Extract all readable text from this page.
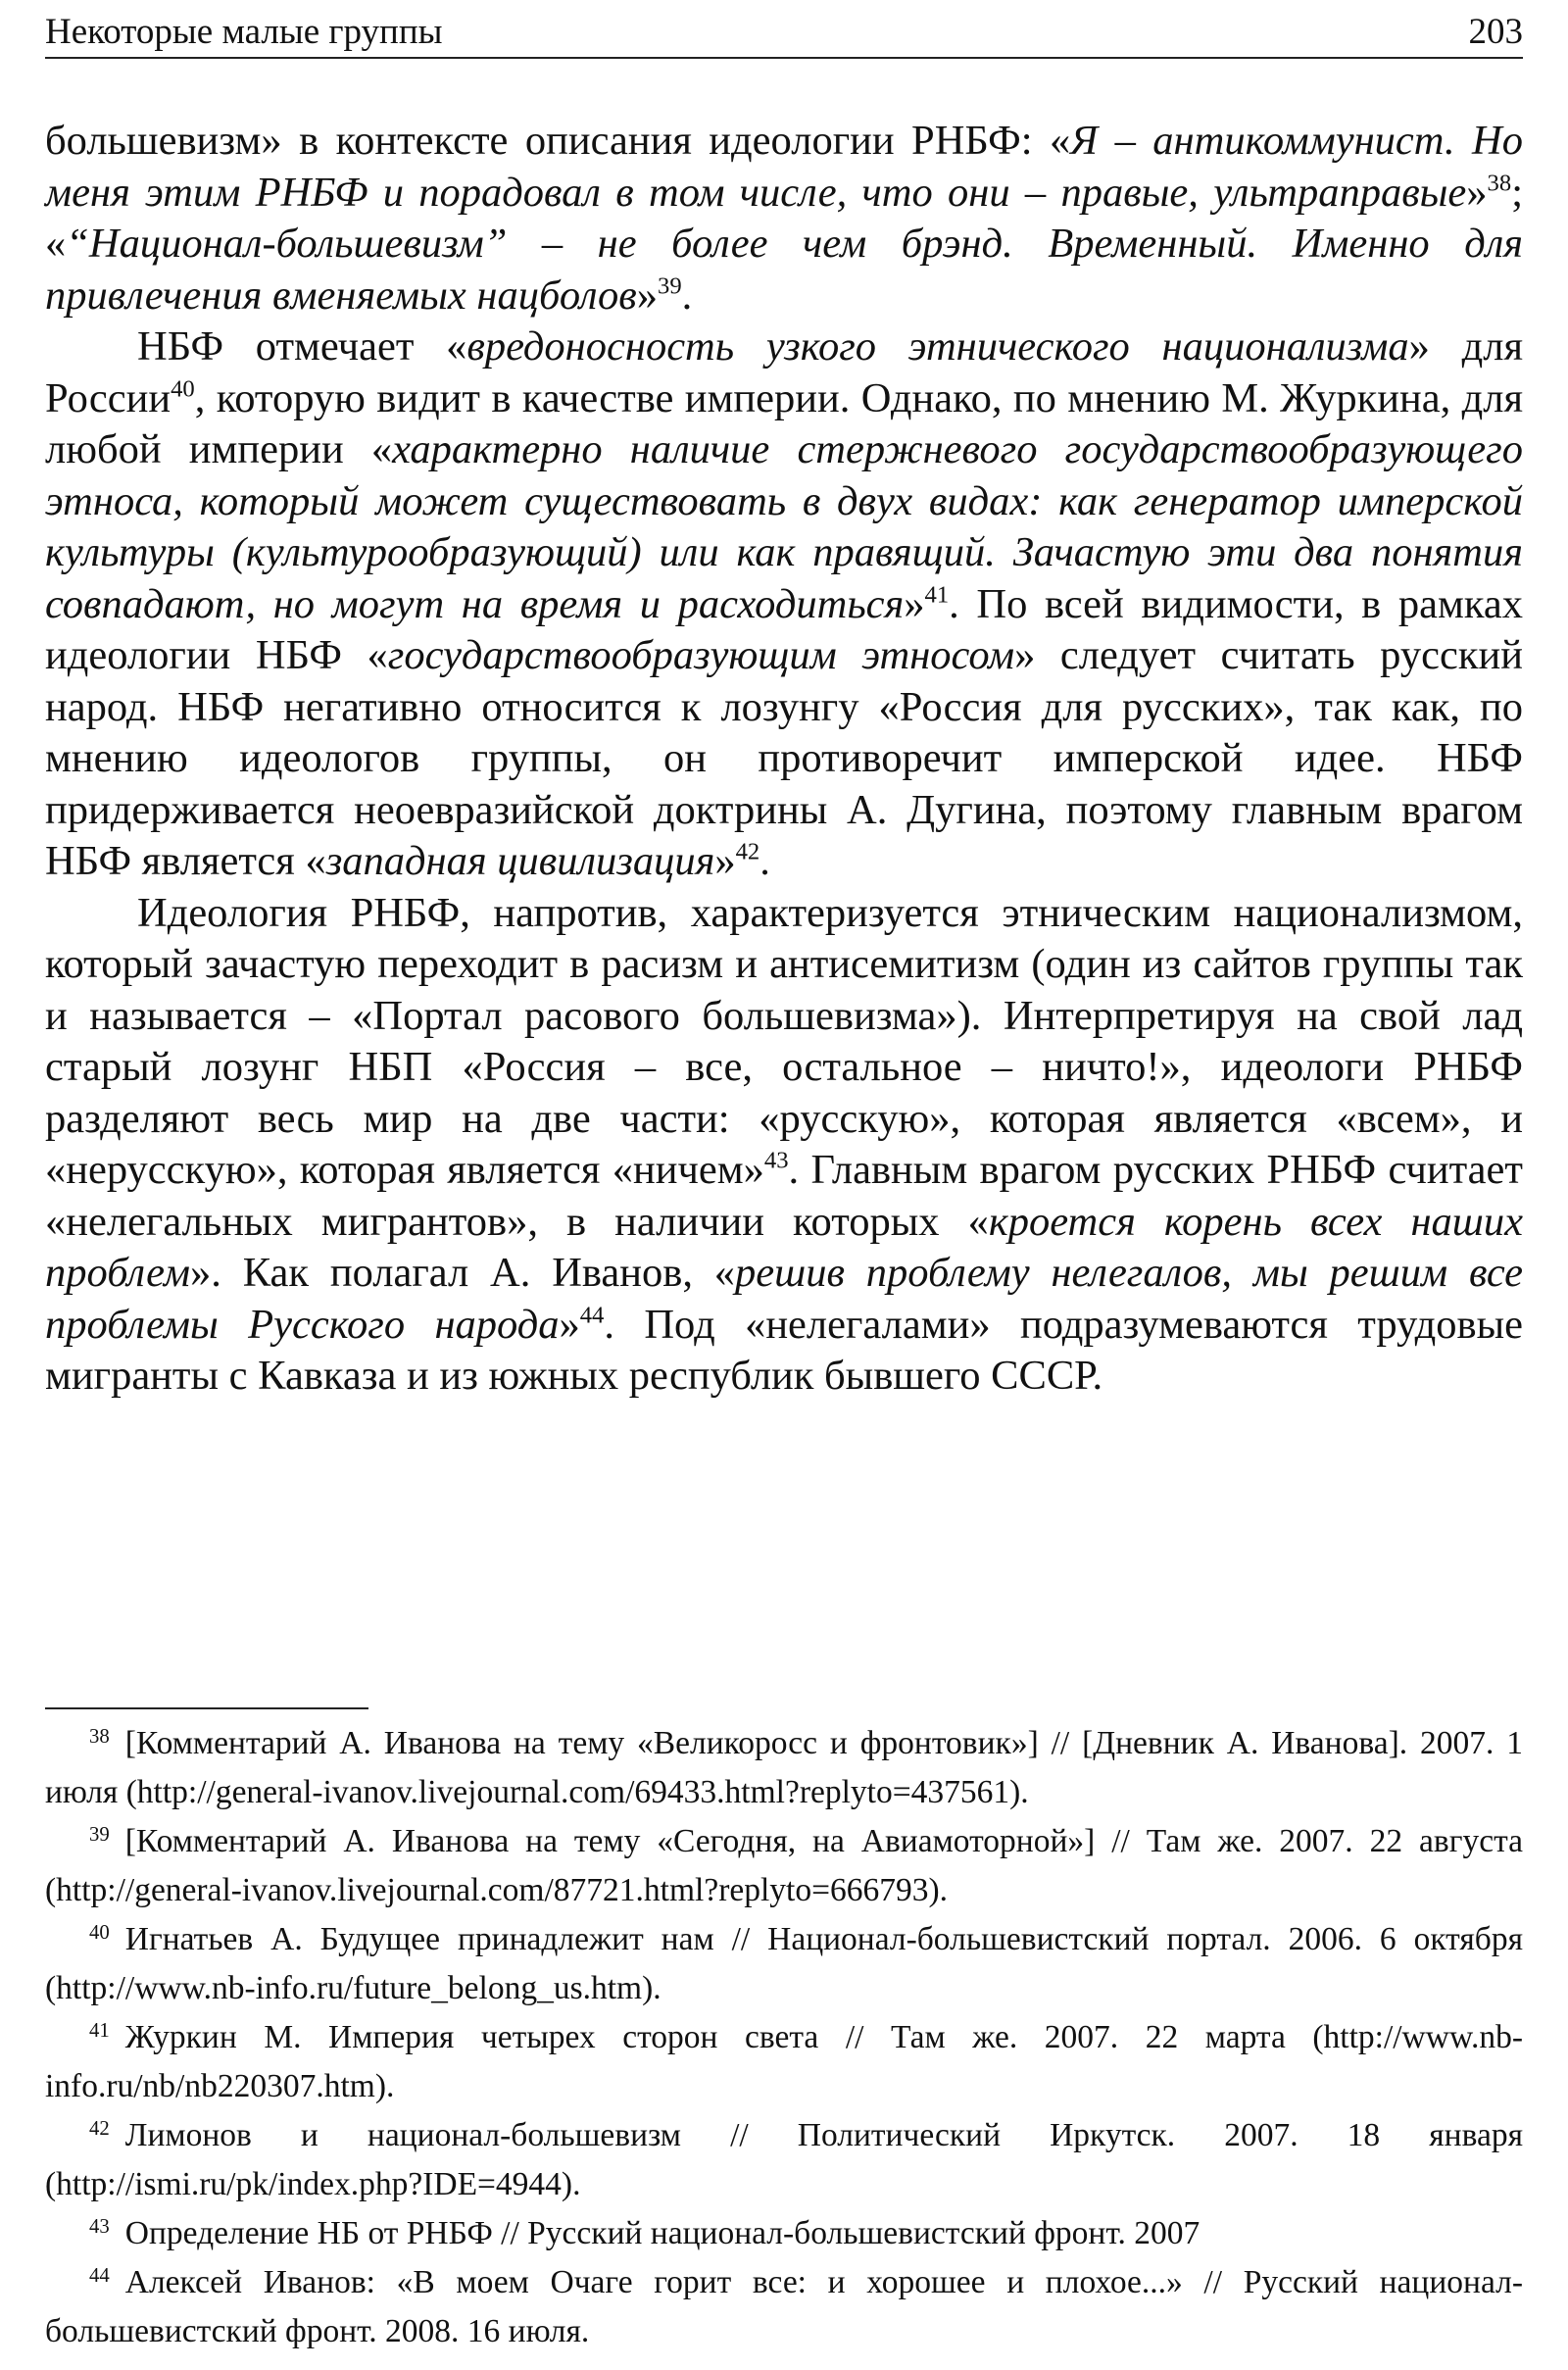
Некоторые малые группы	203

большевизм» в контексте описания идеологии РНБФ: «Я – антикоммунист. Но меня этим РНБФ и порадовал в том числе, что они – правые, ультраправые»$^{38}$; «“Национал-большевизм” – не более чем брэнд. Временный. Именно для привлечения вменяемых нацболов»$^{39}$.

НБФ отмечает «вредоносность узкого этнического национализма» для России$^{40}$, которую видит в качестве империи. Однако, по мнению М. Журкина, для любой империи «характерно наличие стержневого государствообразующего этноса, который может существовать в двух видах: как генератор имперской культуры (культурообразующий) или как правящий. Зачастую эти два понятия совпадают, но могут на время и расходиться»$^{41}$. По всей видимости, в рамках идеологии НБФ «государствообразующим этносом» следует считать русский народ. НБФ негативно относится к лозунгу «Россия для русских», так как, по мнению идеологов группы, он противоречит имперской идее. НБФ придерживается неоевразийской доктрины А. Дугина, поэтому главным врагом НБФ является «западная цивилизация»$^{42}$.

Идеология РНБФ, напротив, характеризуется этническим национализмом, который зачастую переходит в расизм и антисемитизм (один из сайтов группы так и называется – «Портал расового большевизма»). Интерпретируя на свой лад старый лозунг НБП «Россия – все, остальное – ничто!», идеологи РНБФ разделяют весь мир на две части: «русскую», которая является «всем», и «нерусскую», которая является «ничем»$^{43}$. Главным врагом русских РНБФ считает «нелегальных мигрантов», в наличии которых «кроется корень всех наших проблем». Как полагал А. Иванов, «решив проблему нелегалов, мы решим все проблемы Русского народа»$^{44}$. Под «нелегалами» подразумеваются трудовые мигранты с Кавказа и из южных республик бывшего СССР.

$^{38}$ [Комментарий А. Иванова на тему «Великоросс и фронтовик»] // [Дневник А. Иванова]. 2007. 1 июля (http://general-ivanov.livejournal.com/69433.html?replyto=437561).

$^{39}$ [Комментарий А. Иванова на тему «Сегодня, на Авиамоторной»] // Там же. 2007. 22 августа (http://general-ivanov.livejournal.com/87721.html?replyto=666793).

$^{40}$ Игнатьев А. Будущее принадлежит нам // Национал-большевистский портал. 2006. 6 октября (http://www.nb-info.ru/future_belong_us.htm).

$^{41}$ Журкин М. Империя четырех сторон света // Там же. 2007. 22 марта (http://www.nb-info.ru/nb/nb220307.htm).

$^{42}$ Лимонов и национал-большевизм // Политический Иркутск. 2007. 18 января (http://ismi.ru/pk/index.php?IDE=4944).

$^{43}$ Определение НБ от РНБФ // Русский национал-большевистский фронт. 2007

$^{44}$ Алексей Иванов: «В моем Очаге горит все: и хорошее и плохое...» // Русский национал-большевистский фронт. 2008. 16 июля.
